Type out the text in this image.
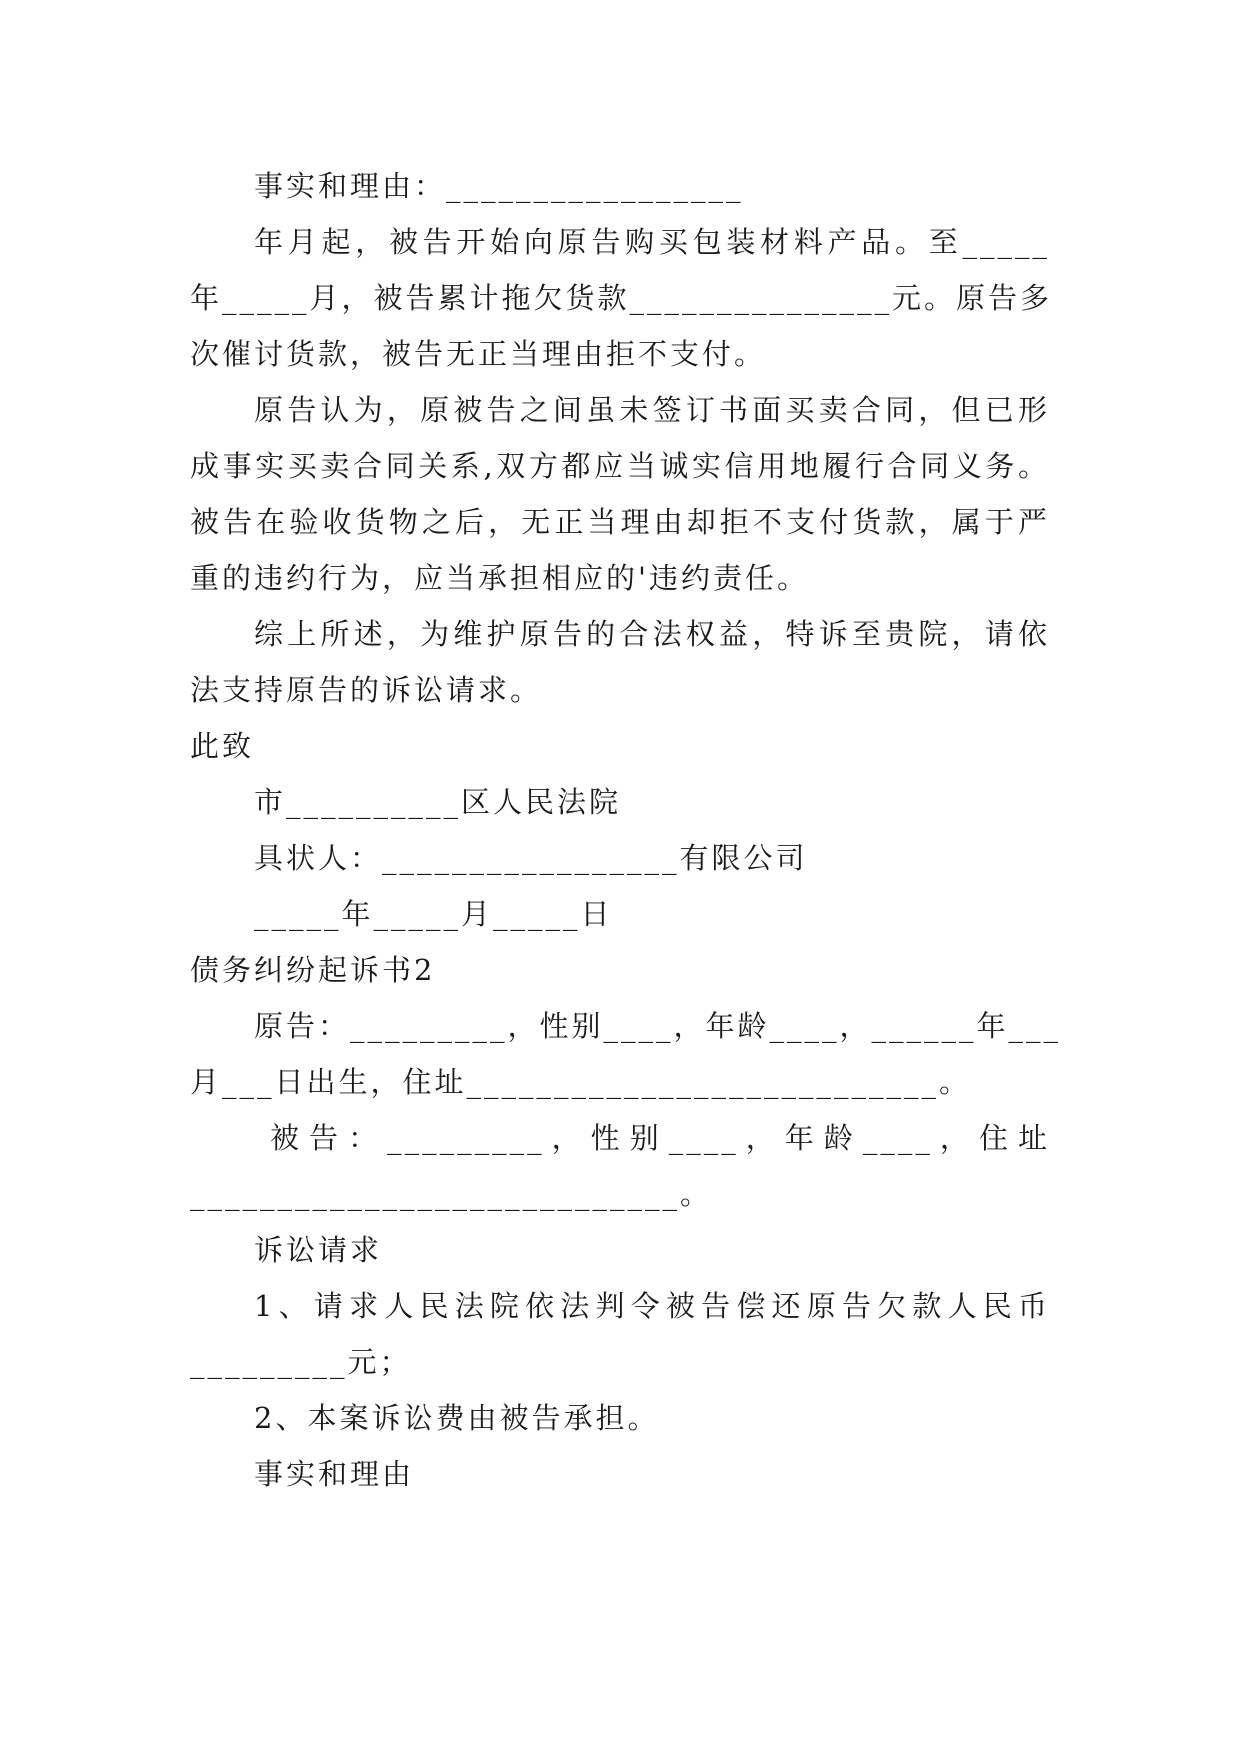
事实和理由：_________________
年月起，被告开始向原告购买包装材料产品。至_____
年_____月，被告累计拖欠货款_______________元。原告多
次催讨货款，被告无正当理由拒不支付。
原告认为，原被告之间虽未签订书面买卖合同，但已形
成事实买卖合同关系,双方都应当诚实信用地履行合同义务。
被告在验收货物之后，无正当理由却拒不支付货款，属于严
重的违约行为，应当承担相应的'违约责任。
综上所述，为维护原告的合法权益，特诉至贵院，请依
法支持原告的诉讼请求。
此致
市__________区人民法院
具状人：_________________有限公司
_____年_____月_____日
债务纠纷起诉书2
原告：_________，性别____，年龄____，______年___
月___日出生，住址___________________________。
被告：_________，性别____，年龄____，住址
____________________________。
诉讼请求
1、请求人民法院依法判令被告偿还原告欠款人民币
_________元；
2、本案诉讼费由被告承担。
事实和理由
